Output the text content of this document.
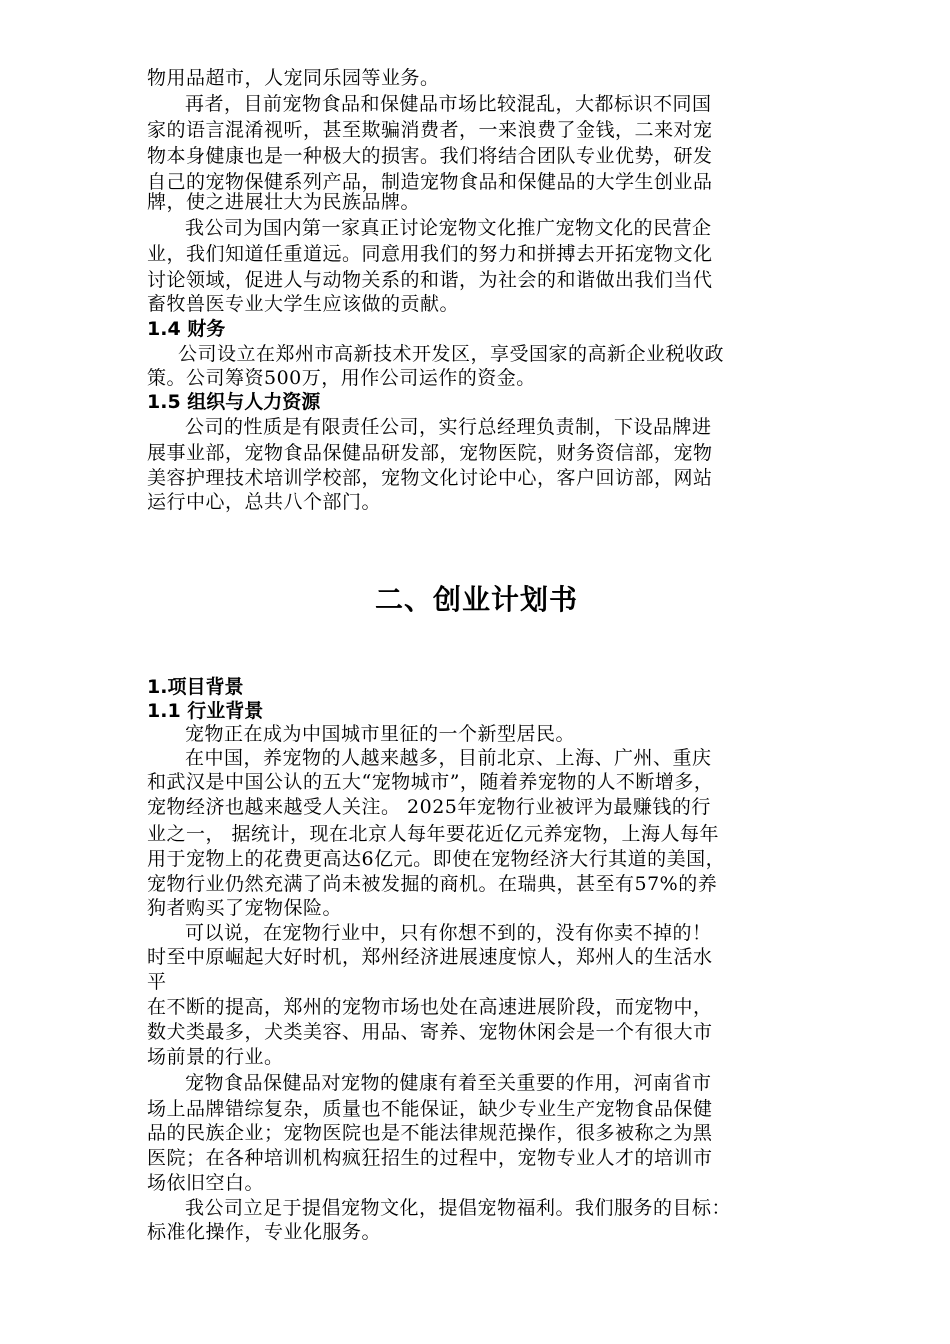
物用品超市，人宠同乐园等业务。
再者，目前宠物食品和保健品市场比较混乱，大都标识不同国
家的语言混淆视听，甚至欺骗消费者，一来浪费了金钱，二来对宠
物本身健康也是一种极大的损害。我们将结合团队专业优势，研发
自己的宠物保健系列产品，制造宠物食品和保健品的大学生创业品
牌，使之进展壮大为民族品牌。
我公司为国内第一家真正讨论宠物文化推广宠物文化的民营企
业，我们知道任重道远。同意用我们的努力和拼搏去开拓宠物文化
讨论领域，促进人与动物关系的和谐，为社会的和谐做出我们当代
畜牧兽医专业大学生应该做的贡献。
1.4 财务
公司设立在郑州市高新技术开发区，享受国家的高新企业税收政
策。公司筹资500万，用作公司运作的资金。
1.5 组织与人力资源
公司的性质是有限责任公司，实行总经理负责制，下设品牌进
展事业部，宠物食品保健品研发部，宠物医院，财务资信部，宠物
美容护理技术培训学校部，宠物文化讨论中心，客户回访部，网站
运行中心，总共八个部门。
二、创业计划书
1.项目背景
1.1 行业背景
宠物正在成为中国城市里征的一个新型居民。
在中国，养宠物的人越来越多，目前北京、上海、广州、重庆
和武汉是中国公认的五大“宠物城市”，随着养宠物的人不断增多，
宠物经济也越来越受人关注。 2025年宠物行业被评为最赚钱的行
业之一， 据统计，现在北京人每年要花近亿元养宠物，上海人每年
用于宠物上的花费更高达6亿元。即使在宠物经济大行其道的美国，
宠物行业仍然充满了尚未被发掘的商机。在瑞典，甚至有57%的养
狗者购买了宠物保险。
可以说，在宠物行业中，只有你想不到的，没有你卖不掉的！
时至中原崛起大好时机，郑州经济进展速度惊人，郑州人的生活水
平
在不断的提高，郑州的宠物市场也处在高速进展阶段，而宠物中，
数犬类最多，犬类美容、用品、寄养、宠物休闲会是一个有很大市
场前景的行业。
宠物食品保健品对宠物的健康有着至关重要的作用，河南省市
场上品牌错综复杂，质量也不能保证，缺少专业生产宠物食品保健
品的民族企业；宠物医院也是不能法律规范操作，很多被称之为黑
医院；在各种培训机构疯狂招生的过程中，宠物专业人才的培训市
场依旧空白。
我公司立足于提倡宠物文化，提倡宠物福利。我们服务的目标：
标准化操作，专业化服务。
